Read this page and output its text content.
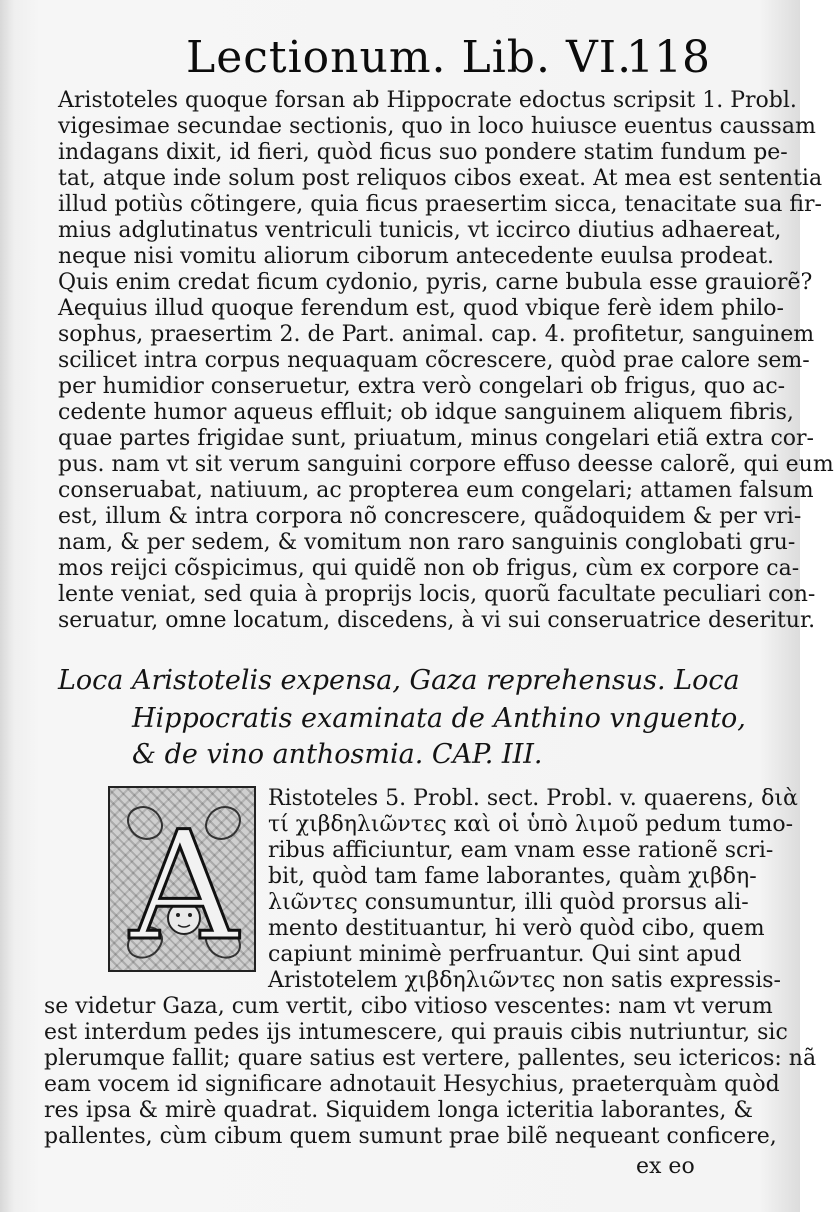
Lectionum. Lib. VI.
118
Aristoteles quoque forsan ab Hippocrate edoctus scripsit 1. Probl.
vigesimae secundae sectionis, quo in loco huiusce euentus caussam
indagans dixit, id fieri, quòd ficus suo pondere statim fundum pe-
tat, atque inde solum post reliquos cibos exeat. At mea est sententia
illud potiùs cõtingere, quia ficus praesertim sicca, tenacitate sua fir-
mius adglutinatus ventriculi tunicis, vt iccirco diutius adhaereat,
neque nisi vomitu aliorum ciborum antecedente euulsa prodeat.
Quis enim credat ficum cydonio, pyris, carne bubula esse grauiorẽ?
Aequius illud quoque ferendum est, quod vbique ferè idem philo-
sophus, praesertim 2. de Part. animal. cap. 4. profitetur, sanguinem
scilicet intra corpus nequaquam cõcrescere, quòd prae calore sem-
per humidior conseruetur, extra verò congelari ob frigus, quo ac-
cedente humor aqueus effluit; ob idque sanguinem aliquem fibris,
quae partes frigidae sunt, priuatum, minus congelari etiã extra cor-
pus. nam vt sit verum sanguini corpore effuso deesse calorẽ, qui eum
conseruabat, natiuum, ac propterea eum congelari; attamen falsum
est, illum & intra corpora nõ concrescere, quãdoquidem & per vri-
nam, & per sedem, & vomitum non raro sanguinis conglobati gru-
mos reijci cõspicimus, qui quidẽ non ob frigus, cùm ex corpore ca-
lente veniat, sed quia à proprijs locis, quorũ facultate peculiari con-
seruatur, omne locatum, discedens, à vi sui conseruatrice deseritur.
Loca Aristotelis expensa, Gaza reprehensus. Loca
Hippocratis examinata de Anthino vnguento,
& de vino anthosmia. CAP. III.
A
Ristoteles 5. Probl. sect. Probl. v. quaerens, διὰ
τί χιβδηλιῶντες καὶ οἱ ὑπὸ λιμοῦ pedum tumo-
ribus afficiuntur, eam vnam esse rationẽ scri-
bit, quòd tam fame laborantes, quàm χιβδη-
λιῶντες consumuntur, illi quòd prorsus ali-
mento destituantur, hi verò quòd cibo, quem
capiunt minimè perfruantur. Qui sint apud
Aristotelem χιβδηλιῶντες non satis expressis-
se videtur Gaza, cum vertit, cibo vitioso vescentes: nam vt verum
est interdum pedes ijs intumescere, qui prauis cibis nutriuntur, sic
plerumque fallit; quare satius est vertere, pallentes, seu ictericos: nã
eam vocem id significare adnotauit Hesychius, praeterquàm quòd
res ipsa & mirè quadrat. Siquidem longa icteritia laborantes, &
pallentes, cùm cibum quem sumunt prae bilẽ nequeant conficere,
ex eo
